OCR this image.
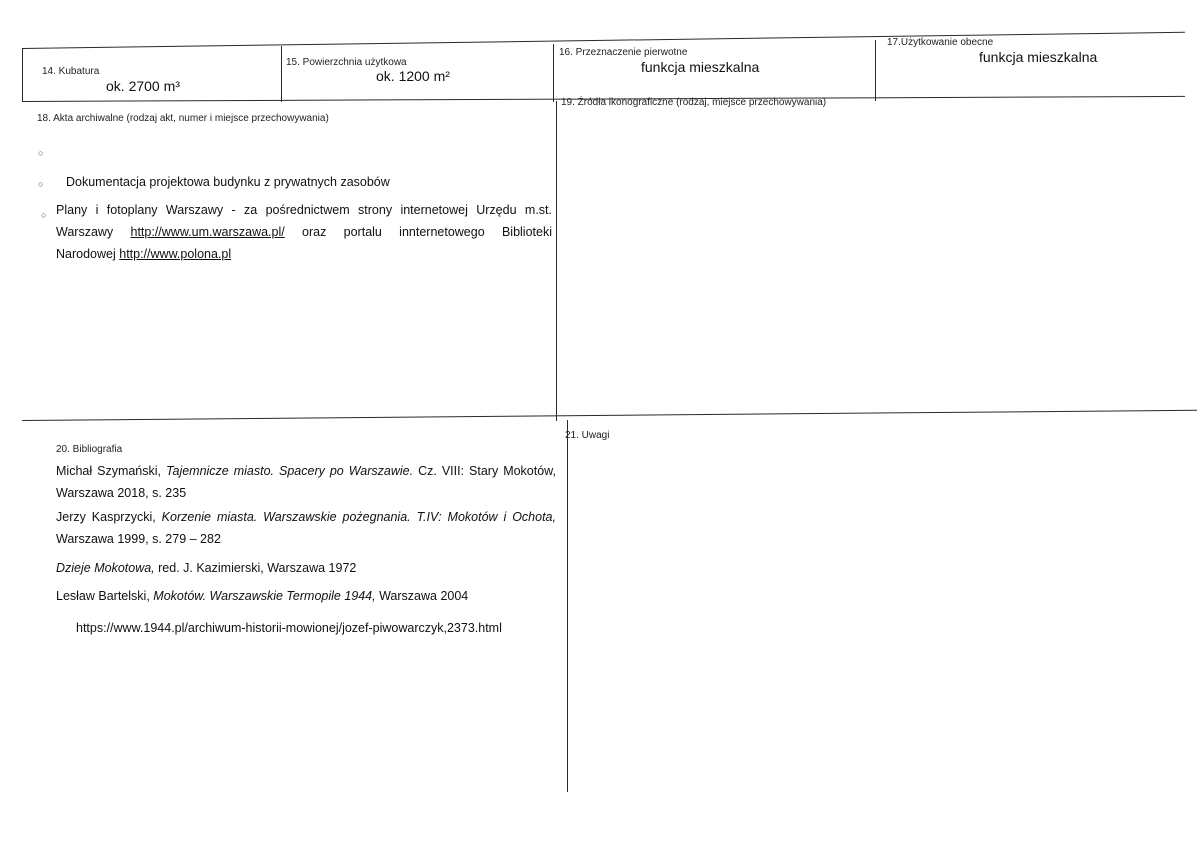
14. Kubatura
ok. 2700 m³
15. Powierzchnia użytkowa
ok. 1200 m²
16. Przeznaczenie pierwotne
funkcja mieszkalna
17.Użytkowanie obecne
funkcja mieszkalna
18. Akta archiwalne (rodzaj akt, numer i miejsce przechowywania)
○
○ Dokumentacja projektowa budynku z prywatnych zasobów
○ Plany i fotoplany Warszawy - za pośrednictwem strony internetowej Urzędu m.st.
Warszawy http://www.um.warszawa.pl/ oraz portalu innternetowego Biblioteki
Narodowej http://www.polona.pl
19. Źródła ikonograficzne (rodzaj, miejsce przechowywania)
20. Bibliografia
Michał Szymański, Tajemnicze miasto. Spacery po Warszawie. Cz. VIII: Stary Mokotów,
Warszawa 2018, s. 235
Jerzy Kasprzycki, Korzenie miasta. Warszawskie pożegnania. T.IV: Mokotów i Ochota,
Warszawa 1999, s. 279 – 282
Dzieje Mokotowa, red. J. Kazimierski, Warszawa 1972
Lesław Bartelski, Mokotów. Warszawskie Termopile 1944, Warszawa 2004
https://www.1944.pl/archiwum-historii-mowionej/jozef-piwowarczyk,2373.html
21. Uwagi
